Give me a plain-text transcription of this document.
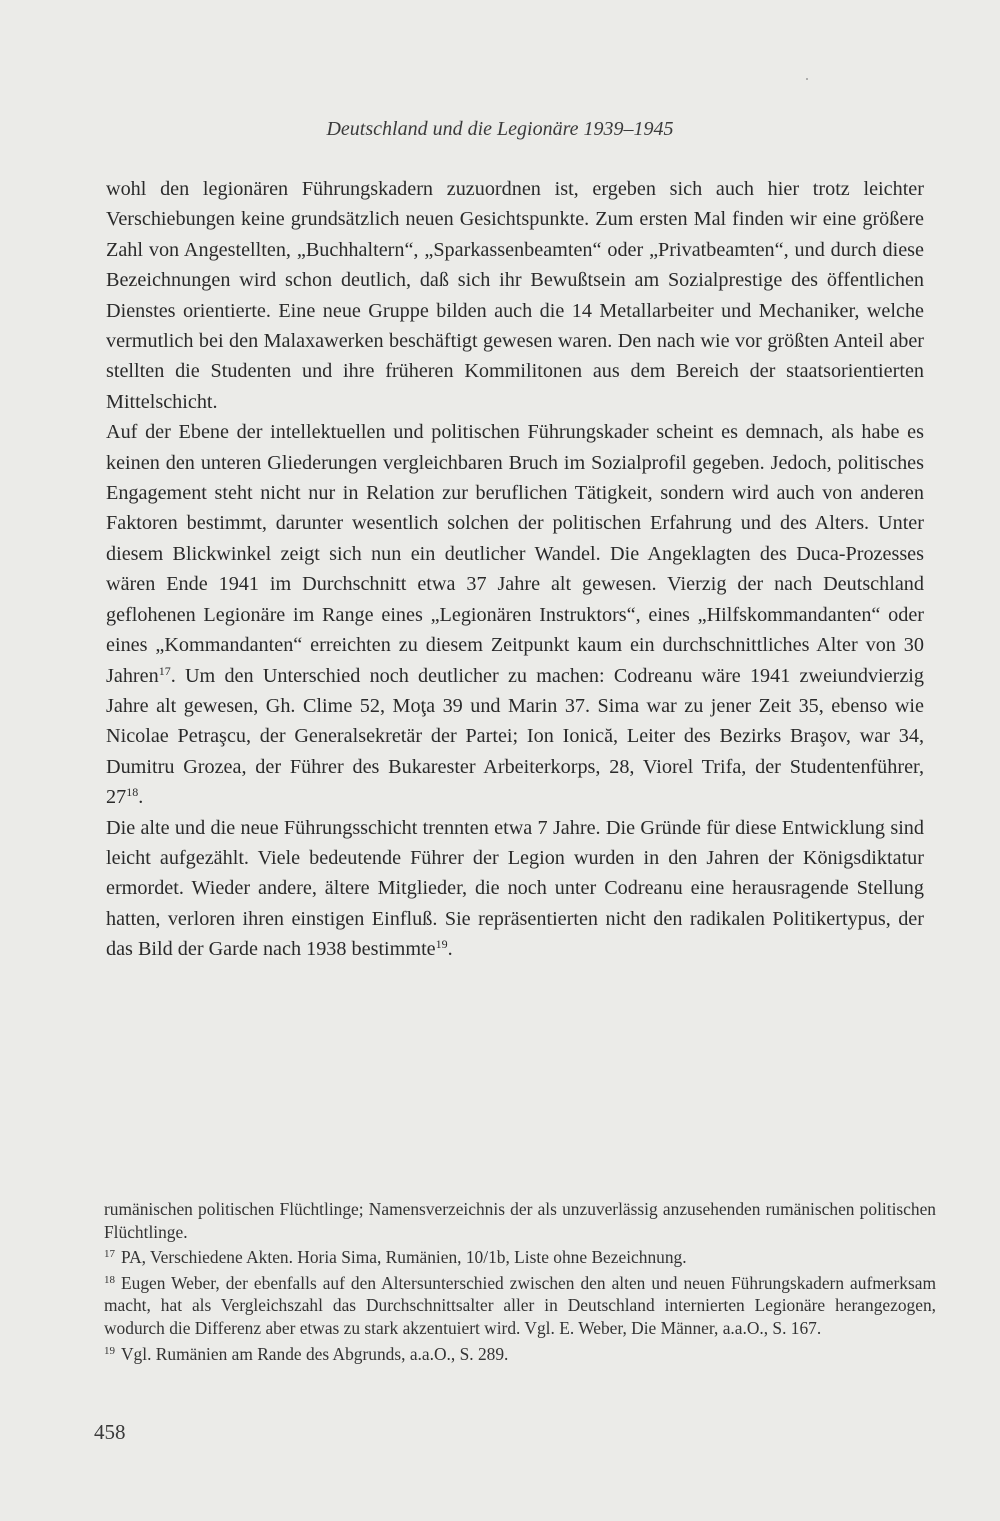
Deutschland und die Legionäre 1939–1945

wohl den legionären Führungskadern zuzuordnen ist, ergeben sich auch hier trotz leichter Verschiebungen keine grundsätzlich neuen Gesichtspunkte. Zum ersten Mal finden wir eine größere Zahl von Angestellten, „Buchhaltern“, „Sparkassenbeamten“ oder „Privatbeamten“, und durch diese Bezeichnungen wird schon deutlich, daß sich ihr Bewußtsein am Sozialprestige des öffentlichen Dienstes orientierte. Eine neue Gruppe bilden auch die 14 Metallarbeiter und Mechaniker, welche vermutlich bei den Malaxawerken beschäftigt gewesen waren. Den nach wie vor größten Anteil aber stellten die Studenten und ihre früheren Kommilitonen aus dem Bereich der staatsorientierten Mittelschicht.

Auf der Ebene der intellektuellen und politischen Führungskader scheint es demnach, als habe es keinen den unteren Gliederungen vergleichbaren Bruch im Sozialprofil gegeben. Jedoch, politisches Engagement steht nicht nur in Relation zur beruflichen Tätigkeit, sondern wird auch von anderen Faktoren bestimmt, darunter wesentlich solchen der politischen Erfahrung und des Alters. Unter diesem Blickwinkel zeigt sich nun ein deutlicher Wandel. Die Angeklagten des Duca-Prozesses wären Ende 1941 im Durchschnitt etwa 37 Jahre alt gewesen. Vierzig der nach Deutschland geflohenen Legionäre im Range eines „Legionären Instruktors“, eines „Hilfskommandanten“ oder eines „Kommandanten“ erreichten zu diesem Zeitpunkt kaum ein durchschnittliches Alter von 30 Jahren$^{17}$. Um den Unterschied noch deutlicher zu machen: Codreanu wäre 1941 zweiundvierzig Jahre alt gewesen, Gh. Clime 52, Moţa 39 und Marin 37. Sima war zu jener Zeit 35, ebenso wie Nicolae Petraşcu, der Generalsekretär der Partei; Ion Ionică, Leiter des Bezirks Braşov, war 34, Dumitru Grozea, der Führer des Bukarester Arbeiterkorps, 28, Viorel Trifa, der Studentenführer, $27^{18}$.

Die alte und die neue Führungsschicht trennten etwa 7 Jahre. Die Gründe für diese Entwicklung sind leicht aufgezählt. Viele bedeutende Führer der Legion wurden in den Jahren der Königsdiktatur ermordet. Wieder andere, ältere Mitglieder, die noch unter Codreanu eine herausragende Stellung hatten, verloren ihren einstigen Einfluß. Sie repräsentierten nicht den radikalen Politikertypus, der das Bild der Garde nach 1938 bestimmte$^{19}$.

rumänischen politischen Flüchtlinge; Namensverzeichnis der als unzuverlässig anzusehenden rumänischen politischen Flüchtlinge.

$^{17}$ PA, Verschiedene Akten. Horia Sima, Rumänien, 10/1b, Liste ohne Bezeichnung.

$^{18}$ Eugen Weber, der ebenfalls auf den Altersunterschied zwischen den alten und neuen Führungskadern aufmerksam macht, hat als Vergleichszahl das Durchschnittsalter aller in Deutschland internierten Legionäre herangezogen, wodurch die Differenz aber etwas zu stark akzentuiert wird. Vgl. E. Weber, Die Männer, a.a.O., S. 167.

$^{19}$ Vgl. Rumänien am Rande des Abgrunds, a.a.O., S. 289.

458
